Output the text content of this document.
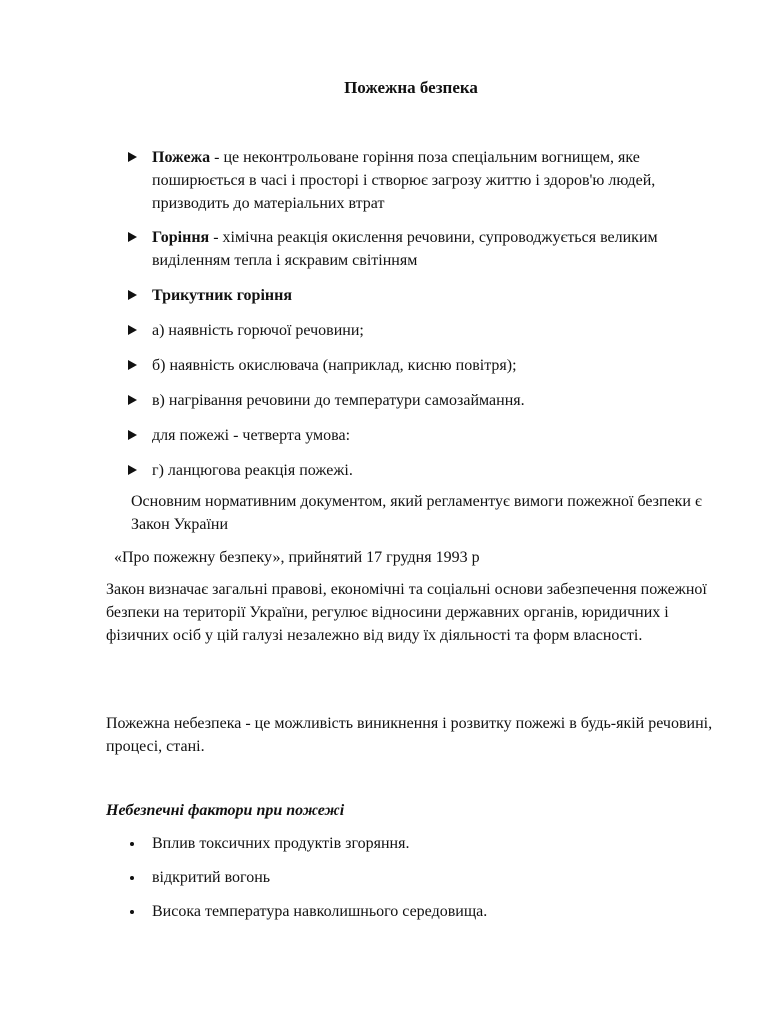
Пожежна безпека
Пожежа - це неконтрольоване горіння поза спеціальним вогнищем, яке поширюється в часі і просторі і створює загрозу життю і здоров'ю людей, призводить до матеріальних втрат
Горіння - хімічна реакція окислення речовини, супроводжується великим виділенням тепла і яскравим світінням
Трикутник горіння
а) наявність горючої речовини;
б) наявність окислювача (наприклад, кисню повітря);
в) нагрівання речовини до температури самозаймання.
для пожежі - четверта умова:
г) ланцюгова реакція пожежі.

Основним нормативним документом, який регламентує вимоги пожежної безпеки є Закон України

«Про пожежну безпеку», прийнятий 17 грудня 1993 р

Закон визначає загальні правові, економічні та соціальні основи забезпечення пожежної безпеки на території України, регулює відносини державних органів, юридичних і фізичних осіб у цій галузі незалежно від виду їх діяльності та форм власності.

Пожежна небезпека - це можливість виникнення і розвитку пожежі в будь-якій речовині, процесі, стані.

Небезпечні фактори при пожежі
Вплив токсичних продуктів згоряння.
відкритий вогонь
Висока температура навколишнього середовища.
